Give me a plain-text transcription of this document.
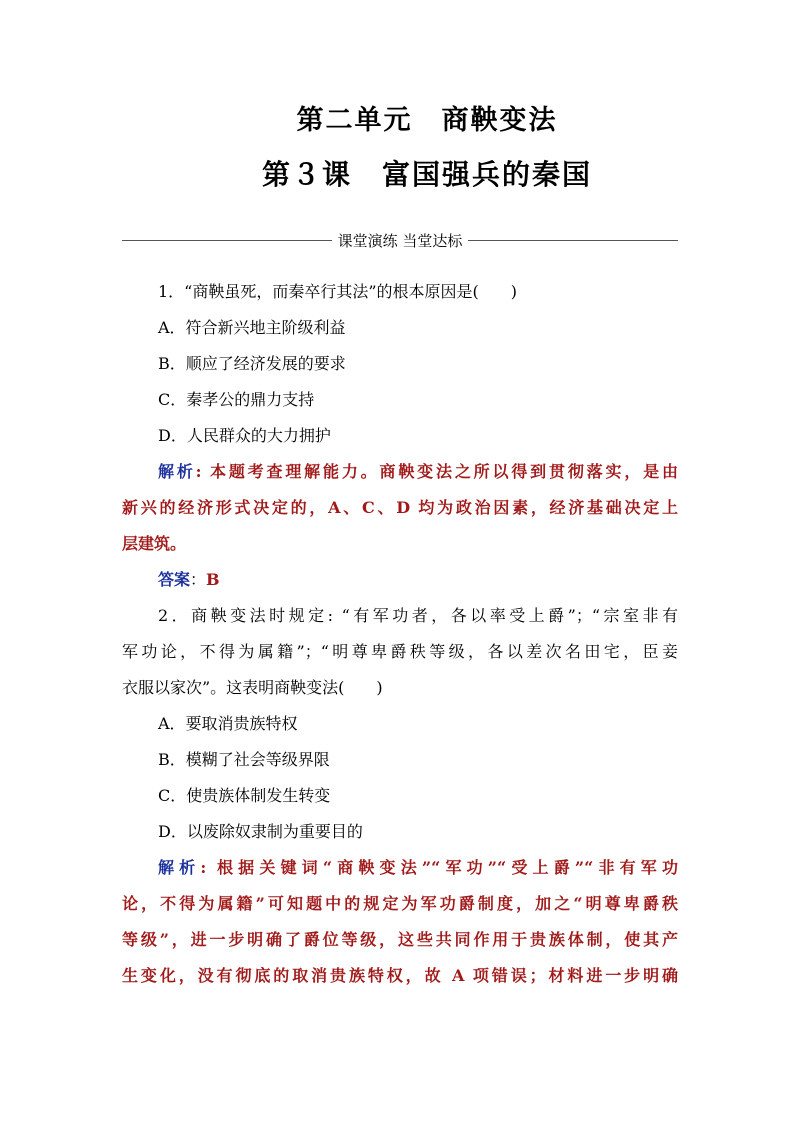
第二单元　商鞅变法
第３课　富国强兵的秦国
课堂演练 当堂达标
1．“商鞅虽死，而秦卒行其法”的根本原因是(　　)
A．符合新兴地主阶级利益
B．顺应了经济发展的要求
C．秦孝公的鼎力支持
D．人民群众的大力拥护
解析: 本题考查理解能力。商鞅变法之所以得到贯彻落实，是由
新兴的经济形式决定的，A、C、D 均为政治因素，经济基础决定上
层建筑。
答案：B
2．商鞅变法时规定: “有军功者，各以率受上爵”；“宗室非有
军功论，不得为属籍”；“明尊卑爵秩等级，各以差次名田宅，臣妾
衣服以家次”。这表明商鞅变法(　　)
A．要取消贵族特权
B．模糊了社会等级界限
C．使贵族体制发生转变
D．以废除奴隶制为重要目的
解析: 根据关键词“商鞅变法”“军功”“受上爵”“非有军功
论，不得为属籍”可知题中的规定为军功爵制度，加之“明尊卑爵秩
等级”，进一步明确了爵位等级，这些共同作用于贵族体制，使其产
生变化，没有彻底的取消贵族特权，故 A 项错误；材料进一步明确
